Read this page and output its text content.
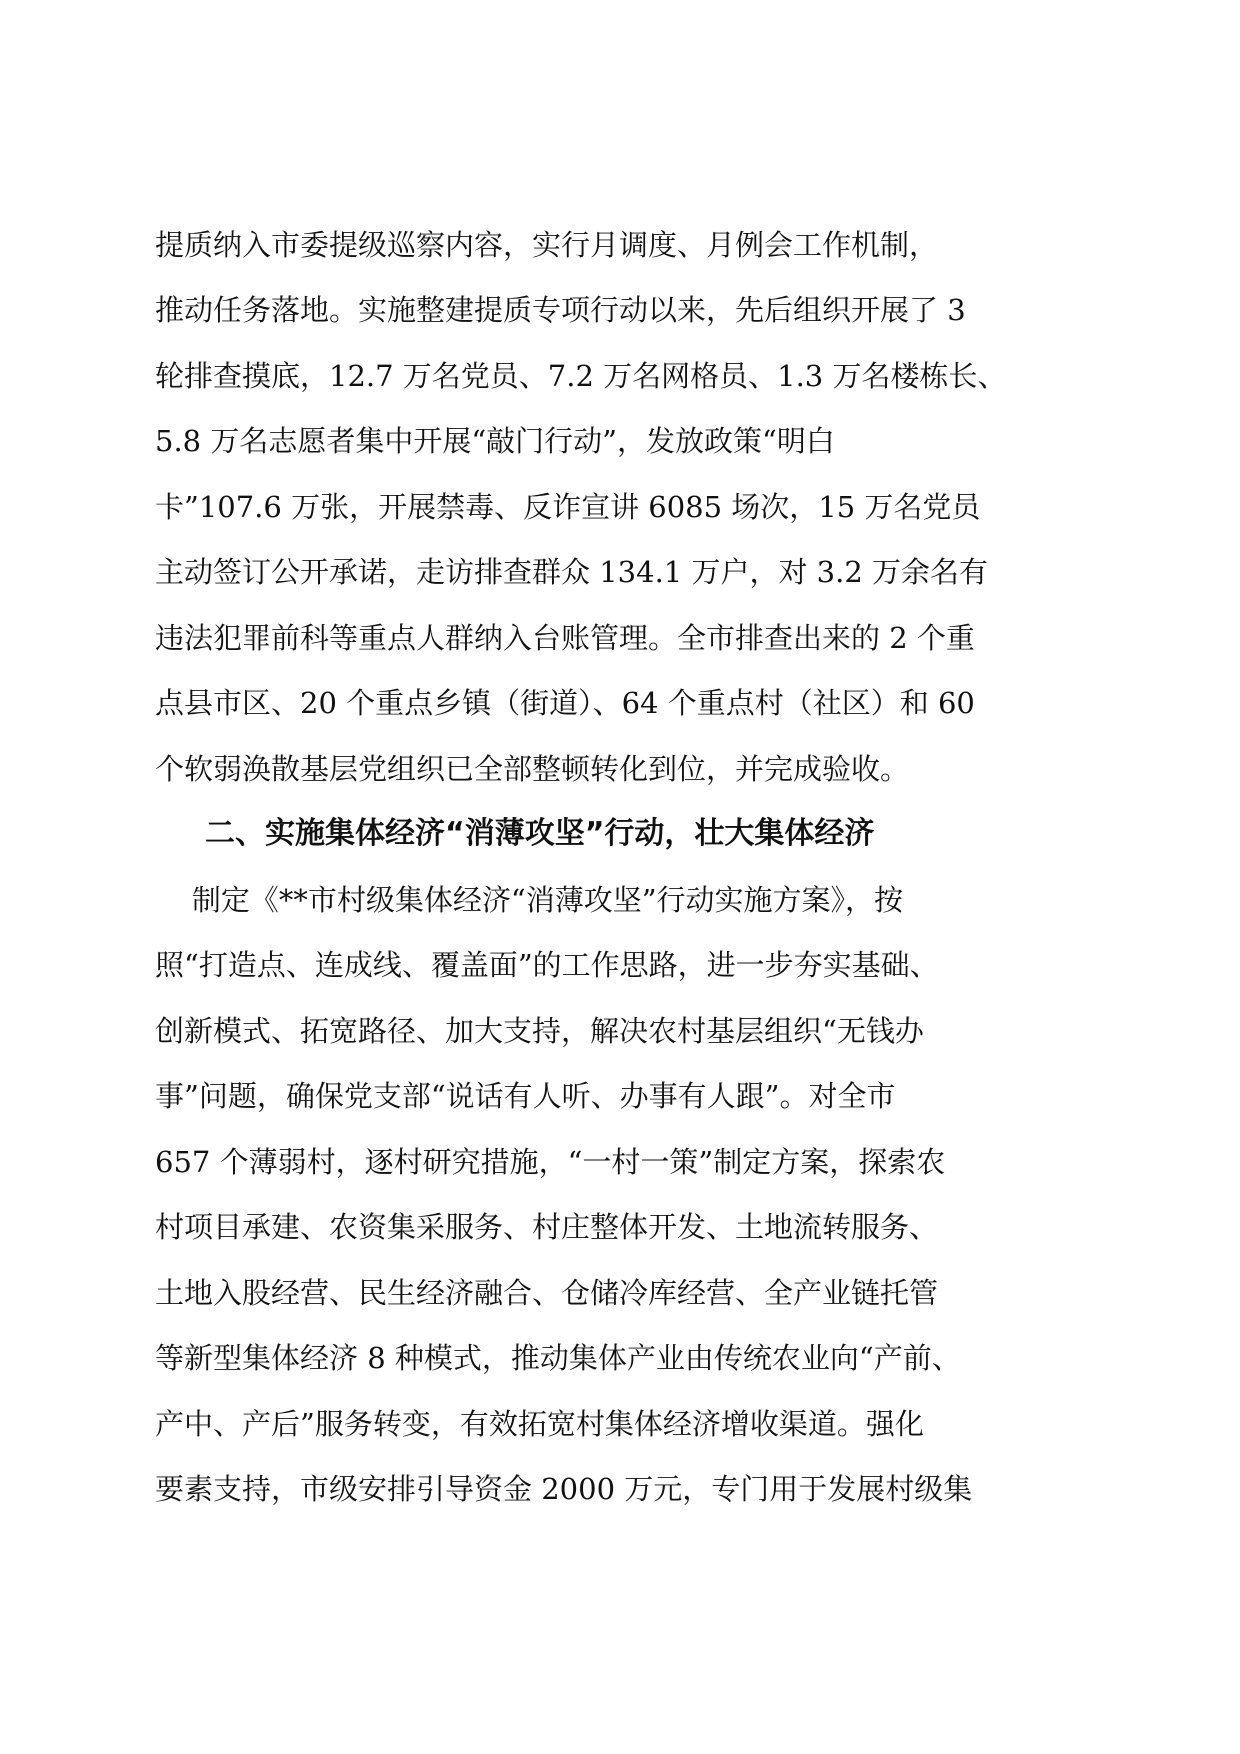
提质纳入市委提级巡察内容，实行月调度、月例会工作机制，
推动任务落地。实施整建提质专项行动以来，先后组织开展了 3
轮排查摸底，12.7 万名党员、7.2 万名网格员、1.3 万名楼栋长、
5.8 万名志愿者集中开展“敲门行动”，发放政策“明白
卡”107.6 万张，开展禁毒、反诈宣讲 6085 场次，15 万名党员
主动签订公开承诺，走访排查群众 134.1 万户，对 3.2 万余名有
违法犯罪前科等重点人群纳入台账管理。全市排查出来的 2 个重
点县市区、20 个重点乡镇（街道）、64 个重点村（社区）和 60
个软弱涣散基层党组织已全部整顿转化到位，并完成验收。
二、实施集体经济“消薄攻坚”行动，壮大集体经济
制定《**市村级集体经济“消薄攻坚”行动实施方案》，按
照“打造点、连成线、覆盖面”的工作思路，进一步夯实基础、
创新模式、拓宽路径、加大支持，解决农村基层组织“无钱办
事”问题，确保党支部“说话有人听、办事有人跟”。对全市
657 个薄弱村，逐村研究措施，“一村一策”制定方案，探索农
村项目承建、农资集采服务、村庄整体开发、土地流转服务、
土地入股经营、民生经济融合、仓储冷库经营、全产业链托管
等新型集体经济 8 种模式，推动集体产业由传统农业向“产前、
产中、产后”服务转变，有效拓宽村集体经济增收渠道。强化
要素支持，市级安排引导资金 2000 万元，专门用于发展村级集
